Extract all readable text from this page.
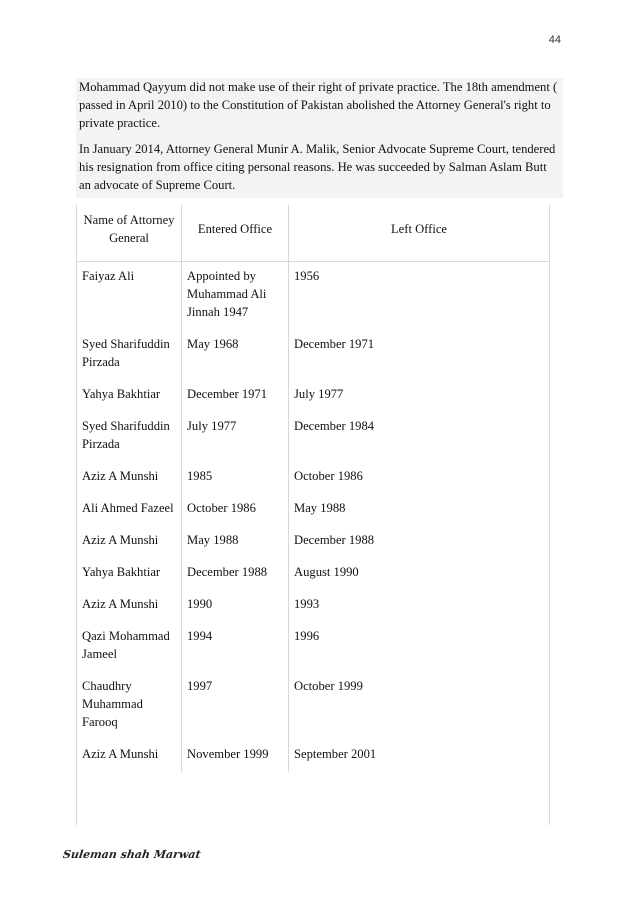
44

Mohammad Qayyum did not make use of their right of private practice. The 18th amendment ( passed in April 2010) to the Constitution of Pakistan abolished the Attorney General's right to private practice.

In January 2014, Attorney General Munir A. Malik, Senior Advocate Supreme Court, tendered his resignation from office citing personal reasons. He was succeeded by Salman Aslam Butt an advocate of Supreme Court.

Name of Attorney General	Entered Office	Left Office
Faiyaz Ali	Appointed by Muhammad Ali Jinnah 1947	1956
Syed Sharifuddin Pirzada	May 1968	December 1971
Yahya Bakhtiar	December 1971	July 1977
Syed Sharifuddin Pirzada	July 1977	December 1984
Aziz A Munshi	1985	October 1986
Ali Ahmed Fazeel	October 1986	May 1988
Aziz A Munshi	May 1988	December 1988
Yahya Bakhtiar	December 1988	August 1990
Aziz A Munshi	1990	1993
Qazi Mohammad Jameel	1994	1996
Chaudhry Muhammad Farooq	1997	October 1999
Aziz A Munshi	November 1999	September 2001
Suleman shah Marwat
